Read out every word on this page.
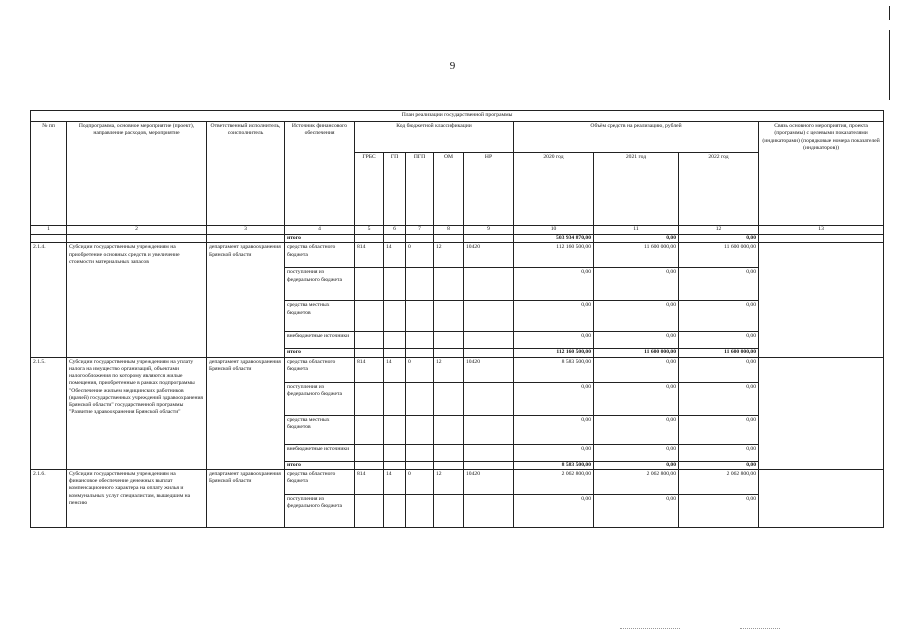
9
План реализации государственной программы												
№ пп	Подпрограмма, основное мероприятие (проект), направление расходов, мероприятие	Ответственный исполнитель, соисполнитель	Источник финансового обеспечения	Код бюджетной классификации					Объём средств на реализацию, рублей			Связь основного мероприятия, проекта (программы) с целевыми показателями (индикаторами) (порядковые номера показателей (индикаторов))
				ГРБС	ГП	ПГП	ОМ	НР	2020 год	2021 год	2022 год	
1	2	3	4	5	6	7	8	9	10	11	12	13
			итого						503 934 870,00	0,00	0,00	
2.1.4.	Субсидии государственным учреждениям на приобретение основных средств и увеличение стоимости материальных запасов	департамент здравоохранения Брянской области	средства областного бюджета	814	14	0	12	10420	112 160 500,00	11 600 000,00	11 600 000,00	
			поступления из федерального бюджета						0,00	0,00	0,00	
			средства местных бюджетов						0,00	0,00	0,00	
			внебюджетные источники						0,00	0,00	0,00	
			итого						112 160 500,00	11 600 000,00	11 600 000,00	
2.1.5.	Субсидии государственным учреждениям на уплату налога на имущество организаций, объектами налогообложения по которому являются жилые помещения, приобретенные в рамках подпрограммы "Обеспечение жильем медицинских работников (врачей) государственных учреждений здравоохранения Брянской области" государственной программы "Развитие здравоохранения Брянской области"	департамент здравоохранения Брянской области	средства областного бюджета	814	14	0	12	10420	8 583 500,00	0,00	0,00	
			поступления из федерального бюджета						0,00	0,00	0,00	
			средства местных бюджетов						0,00	0,00	0,00	
			внебюджетные источники						0,00	0,00	0,00	
			итого						8 583 500,00	0,00	0,00	
2.1.6.	Субсидии государственным учреждениям на финансовое обеспечение денежных выплат компенсационного характера на оплату жилья и коммунальных услуг специалистам, вышедшим на пенсию	департамент здравоохранения Брянской области	средства областного бюджета	814	14	0	12	10420	2 062 800,00	2 062 800,00	2 062 800,00	
			поступления из федерального бюджета						0,00	0,00	0,00	
